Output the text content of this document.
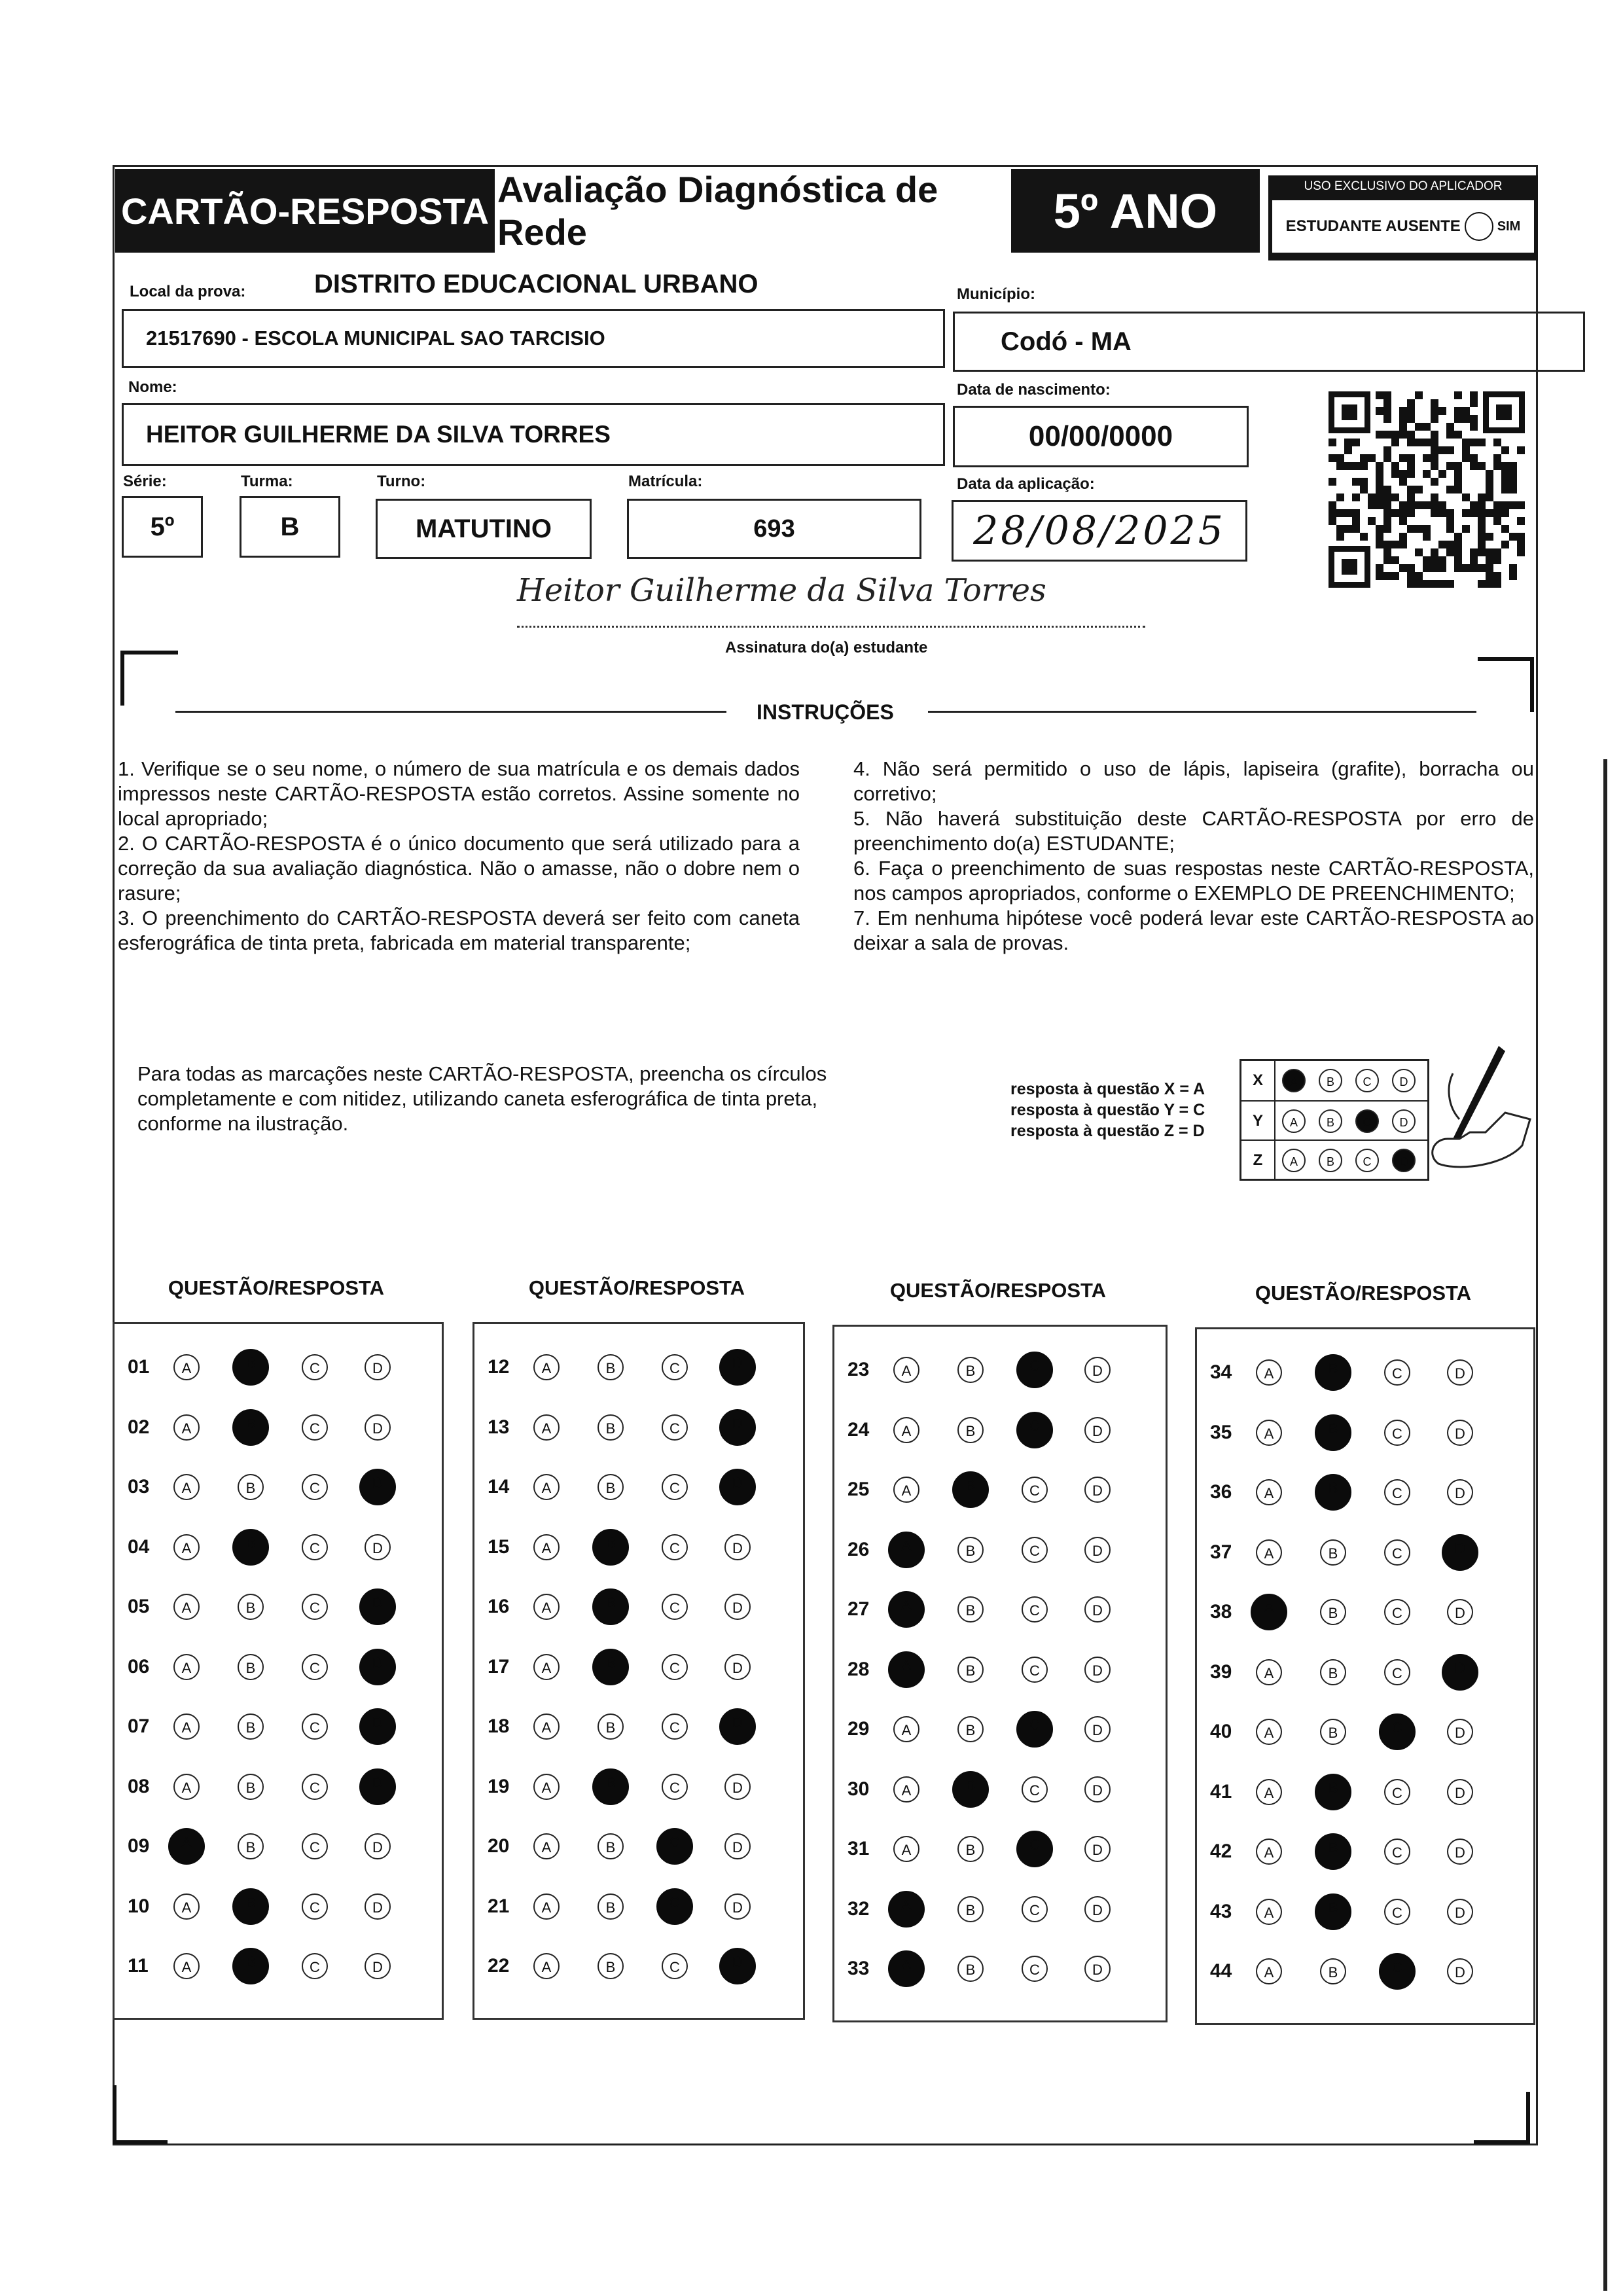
CARTÃO-RESPOSTA
Avaliação Diagnóstica de Rede	5º ANO	USO EXCLUSIVO DO APLICADOR
ESTUDANTE AUSENTE	SIM
Local da prova:	DISTRITO EDUCACIONAL URBANO
21517690 - ESCOLA MUNICIPAL SAO TARCISIO
Município:
Codó - MA
Nome:
HEITOR GUILHERME DA SILVA TORRES
Data de nascimento:
00/00/0000
Série:
5º
Turma:
B
Turno:
MATUTINO
Matrícula:
693
Data da aplicação:
28/08/2025
Heitor Guilherme da Silva Torres
Assinatura do(a) estudante
INSTRUÇÕES

1. Verifique se o seu nome, o número de sua matrícula e os demais dados impressos neste CARTÃO-RESPOSTA estão corretos. Assine somente no local apropriado;

2. O CARTÃO-RESPOSTA é o único documento que será utilizado para a correção da sua avaliação diagnóstica. Não o amasse, não o dobre nem o rasure;

3. O preenchimento do CARTÃO-RESPOSTA deverá ser feito com caneta esferográfica de tinta preta, fabricada em material transparente;

4. Não será permitido o uso de lápis, lapiseira (grafite), borracha ou corretivo;

5. Não haverá substituição deste CARTÃO-RESPOSTA por erro de preenchimento do(a) ESTUDANTE;

6. Faça o preenchimento de suas respostas neste CARTÃO-RESPOSTA, nos campos apropriados, conforme o EXEMPLO DE PREENCHIMENTO;

7. Em nenhuma hipótese você poderá levar este CARTÃO-RESPOSTA ao deixar a sala de provas.

Para todas as marcações neste CARTÃO-RESPOSTA, preencha os círculos completamente e com nitidez, utilizando caneta esferográfica de tinta preta, conforme na ilustração.
resposta à questão X = A
resposta à questão Y = C
resposta à questão Z = D
X	A	B	C	D
Y	A	B	C	D
Z	A	B	C	D
QUESTÃO/RESPOSTA
01	A	B	C	D
02	A	B	C	D
03	A	B	C	D
04	A	B	C	D
05	A	B	C	D
06	A	B	C	D
07	A	B	C	D
08	A	B	C	D
09	A	B	C	D
10	A	B	C	D
11	A	B	C	D
QUESTÃO/RESPOSTA
12	A	B	C	D
13	A	B	C	D
14	A	B	C	D
15	A	B	C	D
16	A	B	C	D
17	A	B	C	D
18	A	B	C	D
19	A	B	C	D
20	A	B	C	D
21	A	B	C	D
22	A	B	C	D
QUESTÃO/RESPOSTA
23	A	B	C	D
24	A	B	C	D
25	A	B	C	D
26	A	B	C	D
27	A	B	C	D
28	A	B	C	D
29	A	B	C	D
30	A	B	C	D
31	A	B	C	D
32	A	B	C	D
33	A	B	C	D
QUESTÃO/RESPOSTA
34	A	B	C	D
35	A	B	C	D
36	A	B	C	D
37	A	B	C	D
38	A	B	C	D
39	A	B	C	D
40	A	B	C	D
41	A	B	C	D
42	A	B	C	D
43	A	B	C	D
44	A	B	C	D
